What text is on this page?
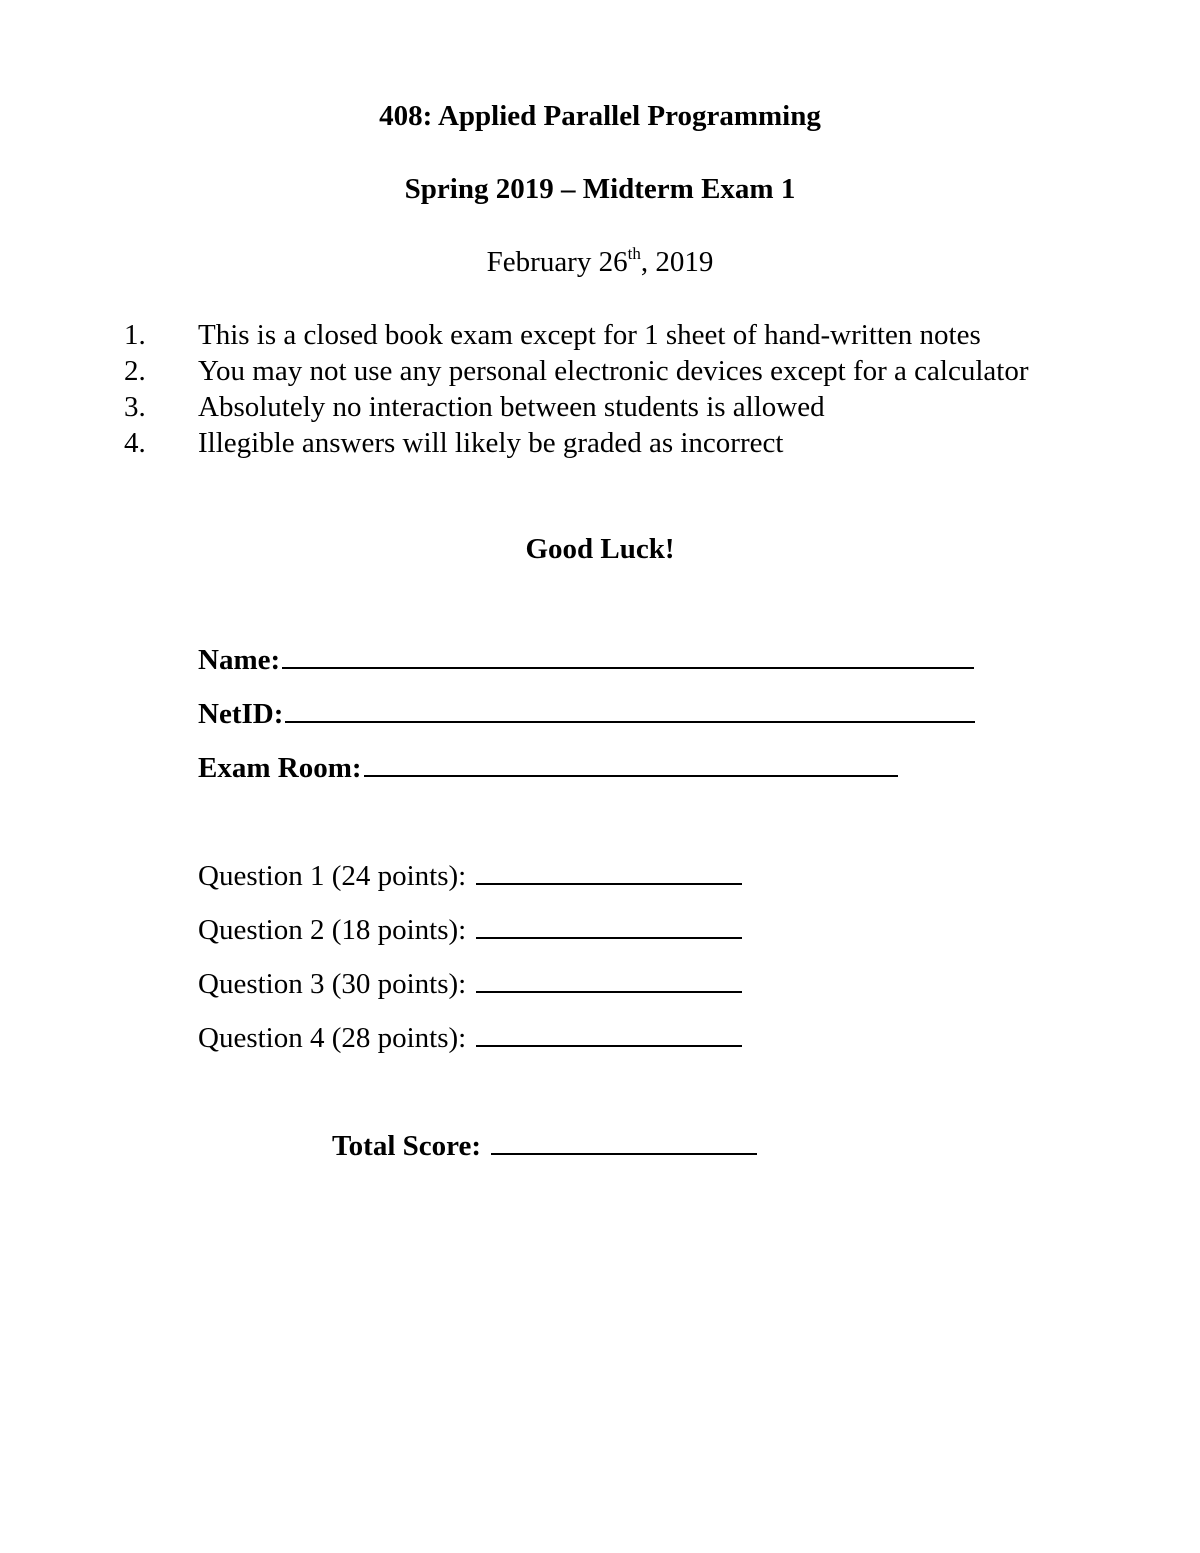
408: Applied Parallel Programming
Spring 2019 – Midterm Exam 1
February 26th, 2019
1. This is a closed book exam except for 1 sheet of hand-written notes
2. You may not use any personal electronic devices except for a calculator
3. Absolutely no interaction between students is allowed
4. Illegible answers will likely be graded as incorrect
Good Luck!
Name:
NetID:
Exam Room:
Question 1 (24 points):
Question 2 (18 points):
Question 3 (30 points):
Question 4 (28 points):
Total Score:
